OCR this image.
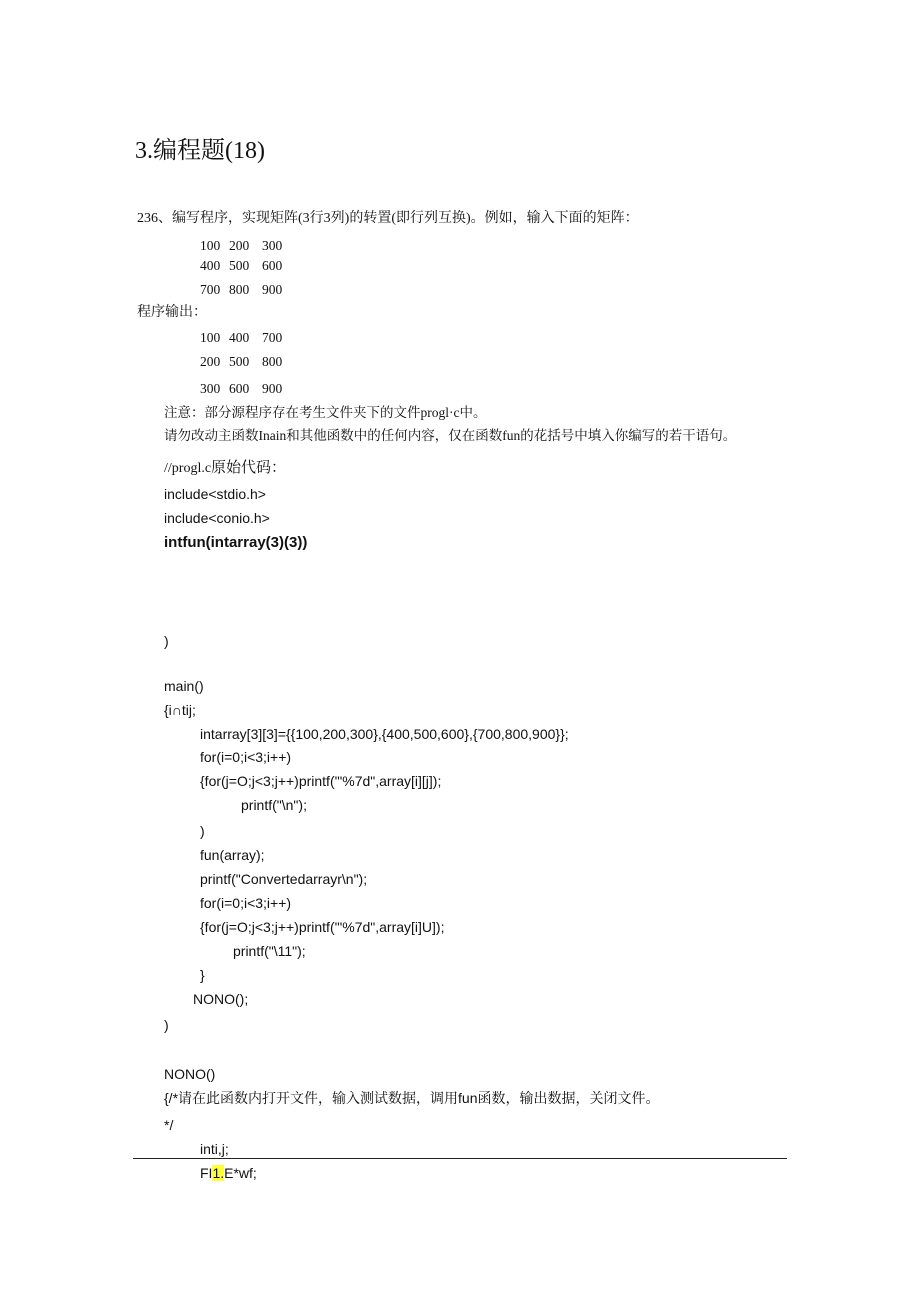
3.编程题(18)
236、编写程序，实现矩阵(3行3列)的转置(即行列互换)。例如，输入下面的矩阵：
100 200 300
400 500 600
700 800 900
程序输出：
100 400 700
200 500 800
300 600 900
注意：部分源程序存在考生文件夹下的文件progl·c中。
请勿改动主函数Inain和其他函数中的任何内容，仅在函数fun的花括号中填入你编写的若干语句。
//progl.c原始代码：
include<stdio.h>
include<conio.h>
intfun(intarray(3)(3))
)
main()
{i∩tij;
intarray[3][3]={{100,200,300},{400,500,600},{700,800,900}};
for(i=0;i<3;i++)
{for(j=O;j<3;j++)printf('"%7d",array[i][j]);
printf("\n");
)
fun(array);
printf("Convertedarrayr\n");
for(i=0;i<3;i++)
{for(j=O;j<3;j++)printf('"%7d",array[i]U]);
printf("\11");
}
NONO();
)
NONO()
{/*请在此函数内打开文件，输入测试数据，调用fun函数，输出数据，关闭文件。
*/
inti,j;
FI1.E*wf;
